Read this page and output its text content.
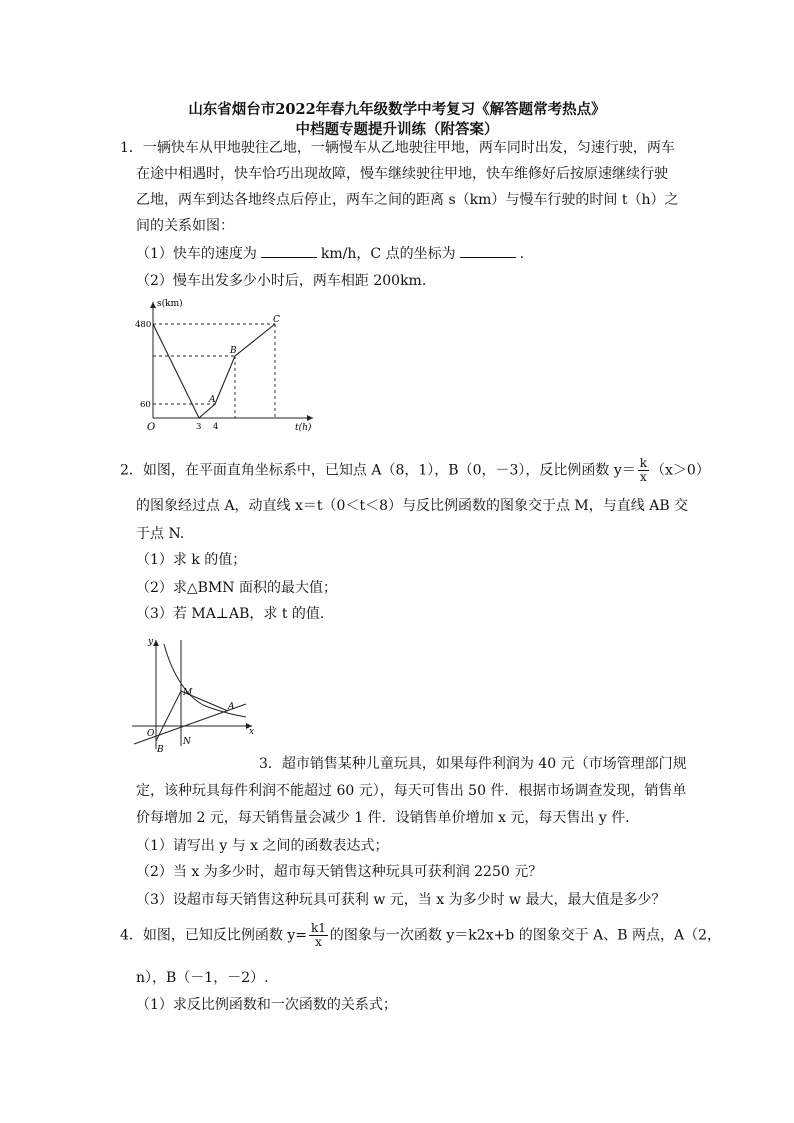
山东省烟台市2022年春九年级数学中考复习《解答题常考热点》
中档题专题提升训练（附答案）
1．一辆快车从甲地驶往乙地，一辆慢车从乙地驶往甲地，两车同时出发，匀速行驶，两车
在途中相遇时，快车恰巧出现故障，慢车继续驶往甲地，快车维修好后按原速继续行驶
乙地，两车到达各地终点后停止，两车之间的距离 s（km）与慢车行驶的时间 t（h）之
间的关系如图：
（1）快车的速度为	km/h，C 点的坐标为	.
（2）慢车出发多少小时后，两车相距 200km.
s(km)
t(h)
O
480
60
3 4
A
B
C
2．如图，在平面直角坐标系中，已知点 A（8，1），B（0，－3），反比例函数 $y= \frac{k}{x} (x>0)$
的图象经过点 A，动直线 x＝t（0＜t＜8）与反比例函数的图象交于点 M，与直线 AB 交
于点 N.
（1）求 k 的值；
（2）求△BMN 面积的最大值；
（3）若 MA⊥AB，求 t 的值.
y
x
O
M
A
N
B
3．超市销售某种儿童玩具，如果每件利润为 40 元（市场管理部门规
定，该种玩具每件利润不能超过 60 元），每天可售出 50 件．根据市场调查发现，销售单
价每增加 2 元，每天销售量会减少 1 件．设销售单价增加 x 元，每天售出 y 件．
（1）请写出 y 与 x 之间的函数表达式；
（2）当 x 为多少时，超市每天销售这种玩具可获利润 2250 元？
（3）设超市每天销售这种玩具可获利 w 元，当 x 为多少时 w 最大，最大值是多少？
4．如图，已知反比例函数 $y= \frac{k1}{x}$ 的图象与一次函数 y＝k2x+b 的图象交于 A、B 两点，A（2，
n），B（－1，－2）.
（1）求反比例函数和一次函数的关系式；
